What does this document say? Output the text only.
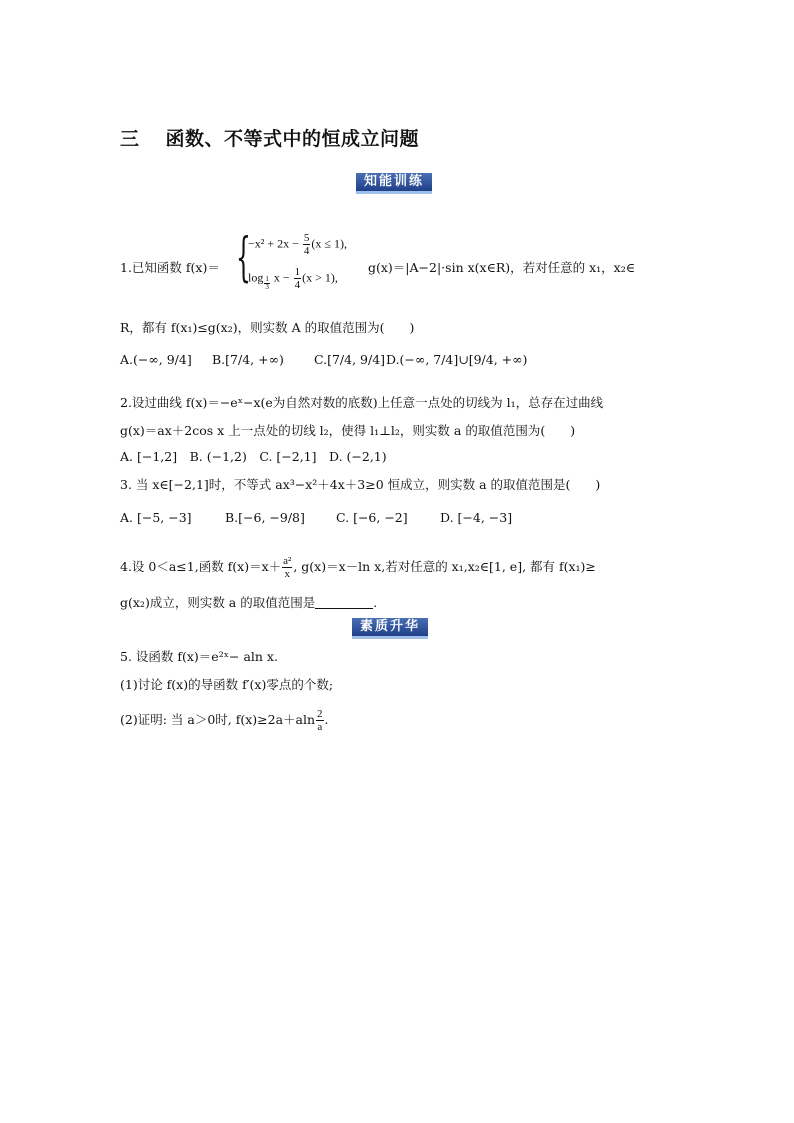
三 函数、不等式中的恒成立问题
知能训练
1.已知函数 f(x)＝ {
$-x^2 + 2x - \frac{5}{4} (x \le 1)$,
$\log \frac{1}{3}$ $x - \frac{1}{4} (x > 1)$,
g(x)＝|A−2|·sin x(x∈R)，若对任意的 x₁，x₂∈
R，都有 f(x₁)≤g(x₂)，则实数 A 的取值范围为(　　)
A.(−∞, 9/4] B.[7/4, +∞) C.[7/4, 9/4] D.(−∞, 7/4]∪[9/4, +∞)
2.设过曲线 f(x)＝−eˣ−x(e为自然对数的底数)上任意一点处的切线为 l₁，总存在过曲线
g(x)＝ax＋2cos x 上一点处的切线 l₂，使得 l₁⊥l₂，则实数 a 的取值范围为(　　)
A. [−1,2]　B. (−1,2)　C. [−2,1]　D. (−2,1)
3. 当 x∈[−2,1]时，不等式 ax³−x²＋4x＋3≥0 恒成立，则实数 a 的取值范围是(　　)
A. [−5, −3]	B.[−6, −9/8] C. [−6, −2]	D. [−4, −3]
4.设 0＜a≤1,函数 $f(x)=x+ \frac{\text{a²}}{x}$ , g(x)＝x－ln x,若对任意的 x₁,x₂∈[1, e], 都有 f(x₁)≥
g(x₂)成立，则实数 a 的取值范围是	.
素质升华
5. 设函数 f(x)＝e²ˣ− aln x.
(1)讨论 f(x)的导函数 f′(x)零点的个数;
(2)证明: 当 a＞0时, $f(x)\ge 2a+aln \frac{2}{a}$ .
